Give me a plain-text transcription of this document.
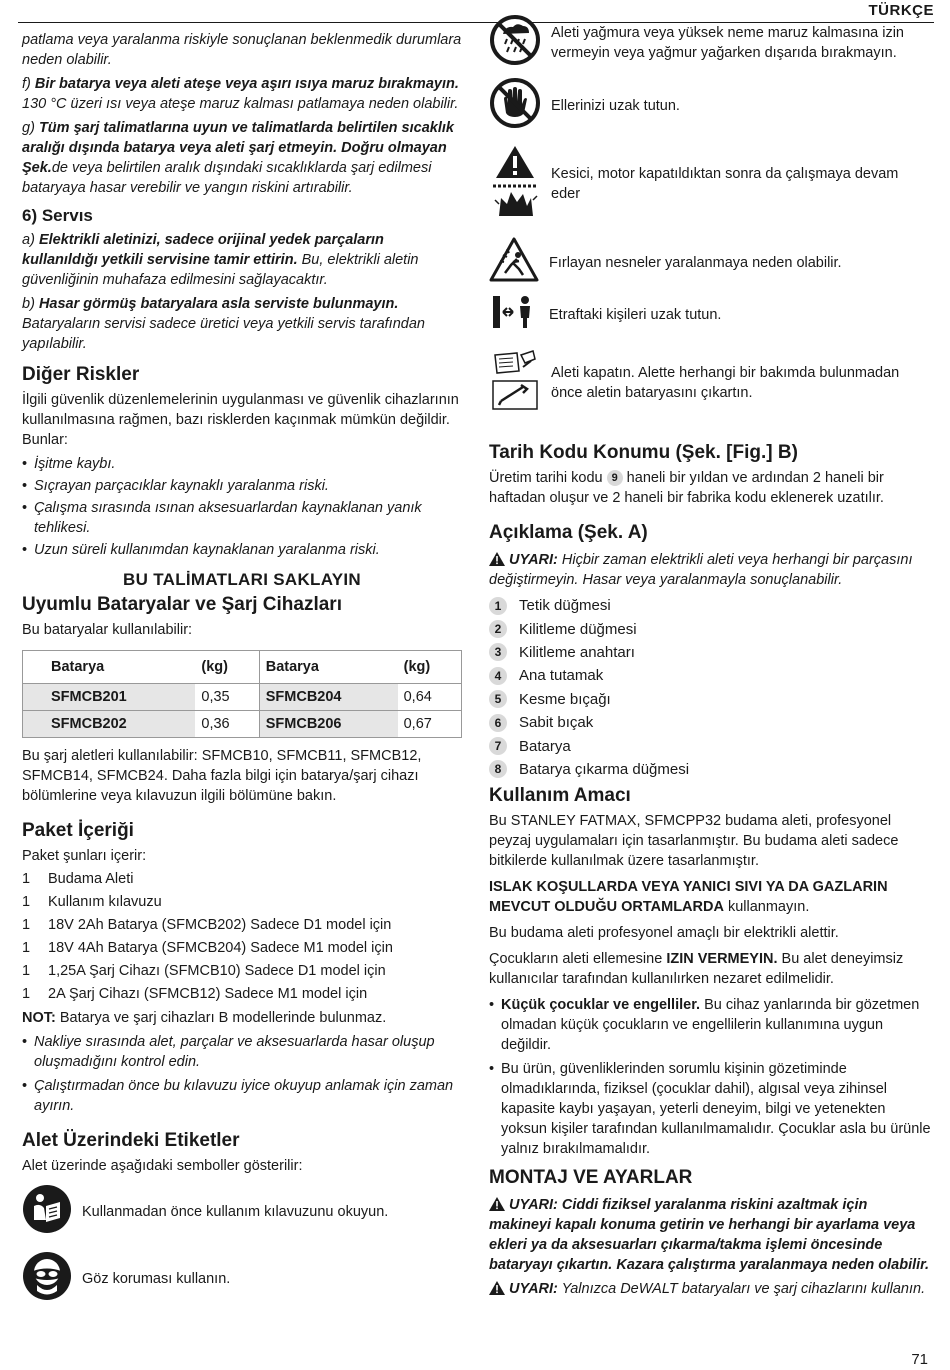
TÜRKÇE

patlama veya yaralanma riskiyle sonuçlanan beklenmedik durumlara neden olabilir.

f) Bir batarya veya aleti ateşe veya aşırı ısıya maruz bırakmayın. 130 °C üzeri ısı veya ateşe maruz kalması patlamaya neden olabilir.

g) Tüm şarj talimatlarına uyun ve talimatlarda belirtilen sıcaklık aralığı dışında batarya veya aleti şarj etmeyin. Doğru olmayan Şek.de veya belirtilen aralık dışındaki sıcaklıklarda şarj edilmesi bataryaya hasar verebilir ve yangın riskini artırabilir.

6) Servıs

a) Elektrikli aletinizi, sadece orijinal yedek parçaların kullanıldığı yetkili servisine tamir ettirin. Bu, elektrikli aletin güvenliğinin muhafaza edilmesini sağlayacaktır.

b) Hasar görmüş bataryalara asla serviste bulunmayın. Bataryaların servisi sadece üretici veya yetkili servis tarafından yapılabilir.

Diğer Riskler

İlgili güvenlik düzenlemelerinin uygulanması ve güvenlik cihazlarının kullanılmasına rağmen, bazı risklerden kaçınmak mümkün değildir. Bunlar:

• İşitme kaybı.
• Sıçrayan parçacıklar kaynaklı yaralanma riski.
• Çalışma sırasında ısınan aksesuarlardan kaynaklanan yanık tehlikesi.
• Uzun süreli kullanımdan kaynaklanan yaralanma riski.
BU TALİMATLARI SAKLAYIN
Uyumlu Bataryalar ve Şarj Cihazları

Bu bataryalar kullanılabilir:

Batarya	(kg)	Batarya	(kg)
SFMCB201	0,35	SFMCB204	0,64
SFMCB202	0,36	SFMCB206	0,67

Bu şarj aletleri kullanılabilir: SFMCB10, SFMCB11, SFMCB12, SFMCB14, SFMCB24. Daha fazla bilgi için batarya/şarj cihazı bölümlerine veya kılavuzun ilgili bölümüne bakın.

Paket İçeriği

Paket şunları içerir:

1	Budama Aleti
1	Kullanım kılavuzu
1	18V 2Ah Batarya (SFMCB202) Sadece D1 model için
1	18V 4Ah Batarya (SFMCB204) Sadece M1 model için
1	1,25A Şarj Cihazı (SFMCB10) Sadece D1 model için
1	2A Şarj Cihazı (SFMCB12) Sadece M1 model için

NOT: Batarya ve şarj cihazları B modellerinde bulunmaz.

• Nakliye sırasında alet, parçalar ve aksesuarlarda hasar oluşup oluşmadığını kontrol edin.
• Çalıştırmadan önce bu kılavuzu iyice okuyup anlamak için zaman ayırın.
Alet Üzerindeki Etiketler

Alet üzerinde aşağıdaki semboller gösterilir:

Kullanmadan önce kullanım kılavuzunu okuyun.
Göz koruması kullanın.
Aleti yağmura veya yüksek neme maruz kalmasına izin vermeyin veya yağmur yağarken dışarıda bırakmayın.
Ellerinizi uzak tutun.
Kesici, motor kapatıldıktan sonra da çalışmaya devam eder
Fırlayan nesneler yaralanmaya neden olabilir.
Etraftaki kişileri uzak tutun.
Aleti kapatın. Alette herhangi bir bakımda bulunmadan önce aletin bataryasını çıkartın.
Tarih Kodu Konumu (Şek. [Fig.] B)

Üretim tarihi kodu 9 haneli bir yıldan ve ardından 2 haneli bir haftadan oluşur ve 2 haneli bir fabrika kodu eklenerek uzatılır.

Açıklama (Şek. A)

UYARI: Hiçbir zaman elektrikli aleti veya herhangi bir parçasını değiştirmeyin. Hasar veya yaralanmayla sonuçlanabilir.

1	Tetik düğmesi
2	Kilitleme düğmesi
3	Kilitleme anahtarı
4	Ana tutamak
5	Kesme bıçağı
6	Sabit bıçak
7	Batarya
8	Batarya çıkarma düğmesi
Kullanım Amacı

Bu STANLEY FATMAX, SFMCPP32 budama aleti, profesyonel peyzaj uygulamaları için tasarlanmıştır. Bu budama aleti sadece bitkilerde kullanılmak üzere tasarlanmıştır.

ISLAK KOŞULLARDA VEYA YANICI SIVI YA DA GAZLARIN MEVCUT OLDUĞU ORTAMLARDA kullanmayın.

Bu budama aleti profesyonel amaçlı bir elektrikli alettir.

Çocukların aleti ellemesine IZIN VERMEYIN. Bu alet deneyimsiz kullanıcılar tarafından kullanılırken nezaret edilmelidir.

• Küçük çocuklar ve engelliler. Bu cihaz yanlarında bir gözetmen olmadan küçük çocukların ve engellilerin kullanımına uygun değildir.
• Bu ürün, güvenliklerinden sorumlu kişinin gözetiminde olmadıklarında, fiziksel (çocuklar dahil), algısal veya zihinsel kapasite kaybı yaşayan, yeterli deneyim, bilgi ve yetenekten yoksun kişiler tarafından kullanılmamalıdır. Çocuklar asla bu ürünle yalnız bırakılmamalıdır.
MONTAJ VE AYARLAR

UYARI: Ciddi fiziksel yaralanma riskini azaltmak için makineyi kapalı konuma getirin ve herhangi bir ayarlama veya ekleri ya da aksesuarları çıkarma/takma işlemi öncesinde bataryayı çıkartın. Kazara çalıştırma yaralanmaya neden olabilir.

UYARI: Yalnızca DeWALT bataryaları ve şarj cihazlarını kullanın.

71
